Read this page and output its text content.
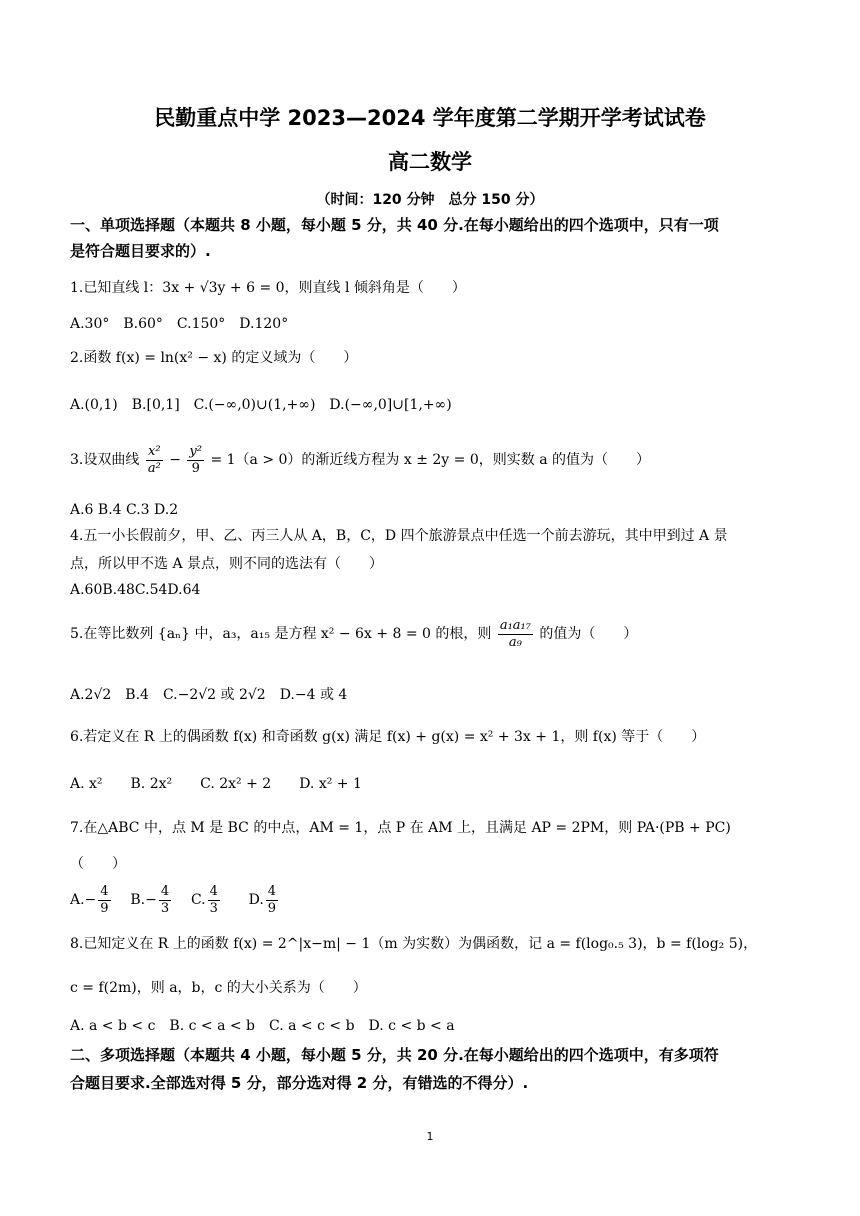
民勤重点中学 2023—2024 学年度第二学期开学考试试卷
高二数学
（时间：120 分钟　总分 150 分）
一、单项选择题（本题共 8 小题，每小题 5 分，共 40 分.在每小题给出的四个选项中，只有一项
是符合题目要求的）.
1.已知直线 l：3x + √3y + 6 = 0，则直线 l 倾斜角是（　　）
A.30°　B.60°　C.150°　D.120°
2.函数 f(x) = ln(x² − x) 的定义域为（　　）
A.(0,1)　B.[0,1]　C.(−∞,0)∪(1,+∞)　D.(−∞,0]∪[1,+∞)
3.设双曲线 $\frac{\text{x²}}{\text{a²}} - \frac{\text{y²}}{9} = 1(a > 0)$的渐近线方程为 x ± 2y = 0，则实数 a 的值为（　　）
A.6 B.4 C.3 D.2
4.五一小长假前夕，甲、乙、丙三人从 A，B，C，D 四个旅游景点中任选一个前去游玩，其中甲到过 A 景
点，所以甲不选 A 景点，则不同的选法有（　　）
A.60B.48C.54D.64
5.在等比数列 {aₙ} 中，a₃，a₁₅ 是方程 x² − 6x + 8 = 0 的根，则 $\frac{\text{a₁a₁₇}}{\text{a₉}}$ 的值为（　　）
A.2√2　B.4　C.−2√2 或 2√2　D.−4 或 4
6.若定义在 R 上的偶函数 f(x) 和奇函数 g(x) 满足 f(x) + g(x) = x² + 3x + 1，则 f(x) 等于（　　）
A. x²　　B. 2x²　　C. 2x² + 2　　D. x² + 1
7.在△ABC 中，点 M 是 BC 的中点，AM = 1，点 P 在 AM 上，且满足 AP = 2PM，则 PA·(PB + PC)
（　　）
$A.- \frac{4}{9} B.- \frac{4}{3} C$. $\frac{4}{3} D$. $\frac{4}{9}$
8.已知定义在 R 上的函数 f(x) = 2^|x−m| − 1（m 为实数）为偶函数，记 a = f(log₀.₅ 3)，b = f(log₂ 5)，
c = f(2m)，则 a，b，c 的大小关系为（　　）
A. a < b < c　B. c < a < b　C. a < c < b　D. c < b < a
二、多项选择题（本题共 4 小题，每小题 5 分，共 20 分.在每小题给出的四个选项中，有多项符
合题目要求.全部选对得 5 分，部分选对得 2 分，有错选的不得分）.
1
